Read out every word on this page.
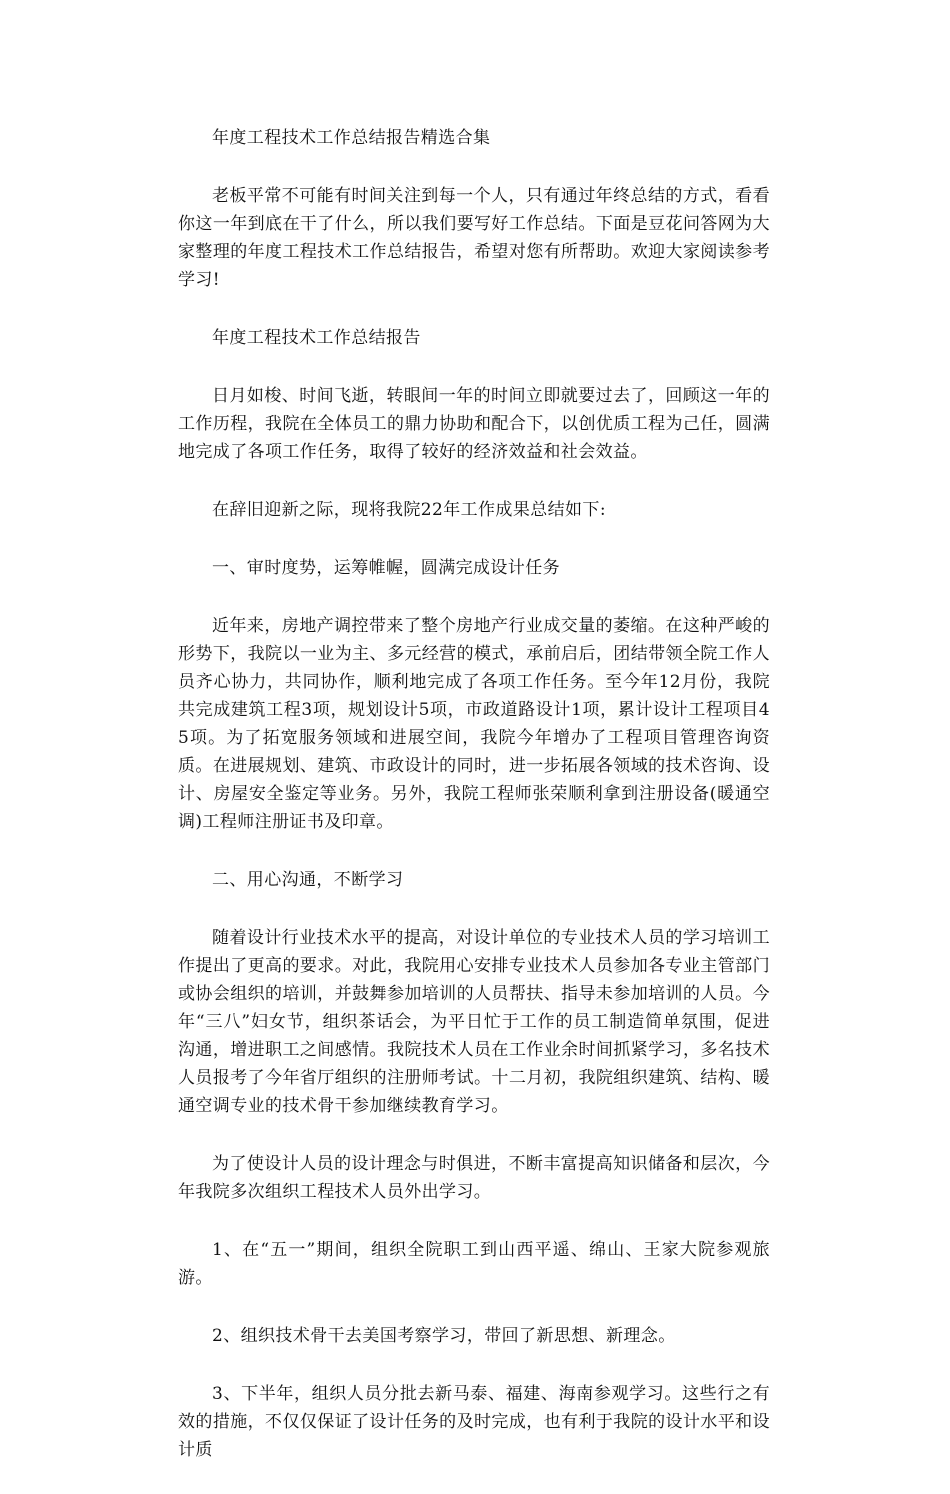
年度工程技术工作总结报告精选合集

老板平常不可能有时间关注到每一个人，只有通过年终总结的方式，看看你这一年到底在干了什么，所以我们要写好工作总结。下面是豆花问答网为大家整理的年度工程技术工作总结报告，希望对您有所帮助。欢迎大家阅读参考学习!

年度工程技术工作总结报告

日月如梭、时间飞逝，转眼间一年的时间立即就要过去了，回顾这一年的工作历程，我院在全体员工的鼎力协助和配合下，以创优质工程为己任，圆满地完成了各项工作任务，取得了较好的经济效益和社会效益。

在辞旧迎新之际，现将我院22年工作成果总结如下:

一、审时度势，运筹帷幄，圆满完成设计任务

近年来，房地产调控带来了整个房地产行业成交量的萎缩。在这种严峻的形势下，我院以一业为主、多元经营的模式，承前启后，团结带领全院工作人员齐心协力，共同协作，顺利地完成了各项工作任务。至今年12月份，我院共完成建筑工程3项，规划设计5项，市政道路设计1项，累计设计工程项目45项。为了拓宽服务领域和进展空间，我院今年增办了工程项目管理咨询资质。在进展规划、建筑、市政设计的同时，进一步拓展各领域的技术咨询、设计、房屋安全鉴定等业务。另外，我院工程师张荣顺利拿到注册设备(暖通空调)工程师注册证书及印章。

二、用心沟通，不断学习

随着设计行业技术水平的提高，对设计单位的专业技术人员的学习培训工作提出了更高的要求。对此，我院用心安排专业技术人员参加各专业主管部门或协会组织的培训，并鼓舞参加培训的人员帮扶、指导未参加培训的人员。今年“三八”妇女节，组织茶话会，为平日忙于工作的员工制造简单氛围，促进沟通，增进职工之间感情。我院技术人员在工作业余时间抓紧学习，多名技术人员报考了今年省厅组织的注册师考试。十二月初，我院组织建筑、结构、暖通空调专业的技术骨干参加继续教育学习。

为了使设计人员的设计理念与时俱进，不断丰富提高知识储备和层次，今年我院多次组织工程技术人员外出学习。

1、在“五一”期间，组织全院职工到山西平遥、绵山、王家大院参观旅游。

2、组织技术骨干去美国考察学习，带回了新思想、新理念。

3、下半年，组织人员分批去新马泰、福建、海南参观学习。这些行之有效的措施，不仅仅保证了设计任务的及时完成，也有利于我院的设计水平和设计质
